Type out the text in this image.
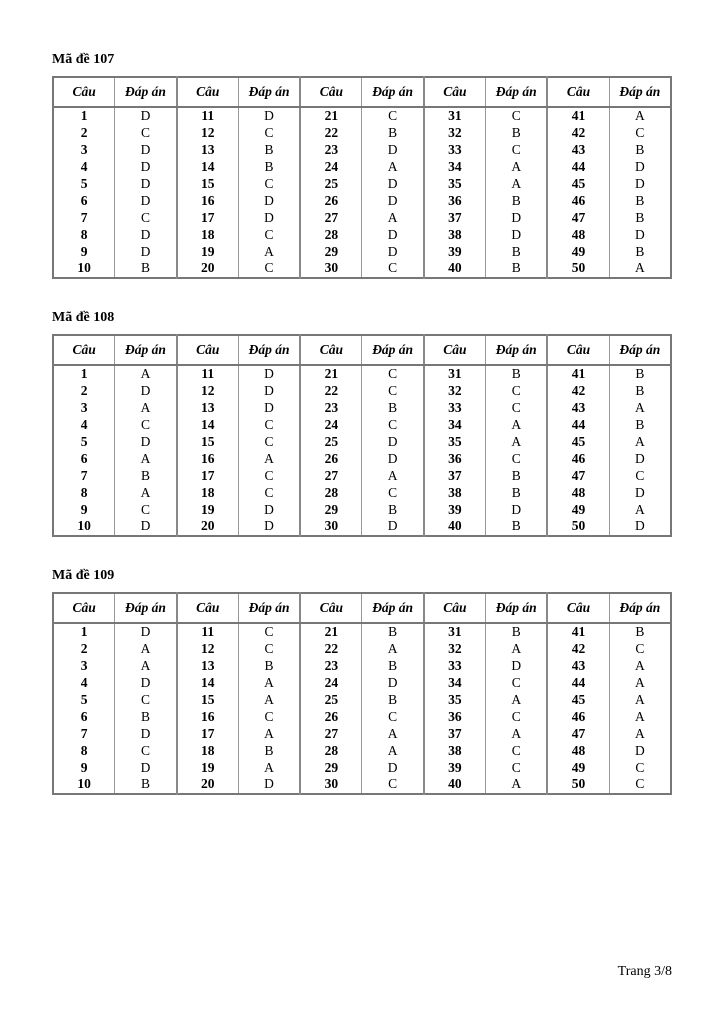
Mã đề 107
Câu	Đáp án	Câu	Đáp án	Câu	Đáp án	Câu	Đáp án	Câu	Đáp án
1	D	11	D	21	C	31	C	41	A
2	C	12	C	22	B	32	B	42	C
3	D	13	B	23	D	33	C	43	B
4	D	14	B	24	A	34	A	44	D
5	D	15	C	25	D	35	A	45	D
6	D	16	D	26	D	36	B	46	B
7	C	17	D	27	A	37	D	47	B
8	D	18	C	28	D	38	D	48	D
9	D	19	A	29	D	39	B	49	B
10	B	20	C	30	C	40	B	50	A
Mã đề 108
Câu	Đáp án	Câu	Đáp án	Câu	Đáp án	Câu	Đáp án	Câu	Đáp án
1	A	11	D	21	C	31	B	41	B
2	D	12	D	22	C	32	C	42	B
3	A	13	D	23	B	33	C	43	A
4	C	14	C	24	C	34	A	44	B
5	D	15	C	25	D	35	A	45	A
6	A	16	A	26	D	36	C	46	D
7	B	17	C	27	A	37	B	47	C
8	A	18	C	28	C	38	B	48	D
9	C	19	D	29	B	39	D	49	A
10	D	20	D	30	D	40	B	50	D
Mã đề 109
Câu	Đáp án	Câu	Đáp án	Câu	Đáp án	Câu	Đáp án	Câu	Đáp án
1	D	11	C	21	B	31	B	41	B
2	A	12	C	22	A	32	A	42	C
3	A	13	B	23	B	33	D	43	A
4	D	14	A	24	D	34	C	44	A
5	C	15	A	25	B	35	A	45	A
6	B	16	C	26	C	36	C	46	A
7	D	17	A	27	A	37	A	47	A
8	C	18	B	28	A	38	C	48	D
9	D	19	A	29	D	39	C	49	C
10	B	20	D	30	C	40	A	50	C
Trang 3/8
